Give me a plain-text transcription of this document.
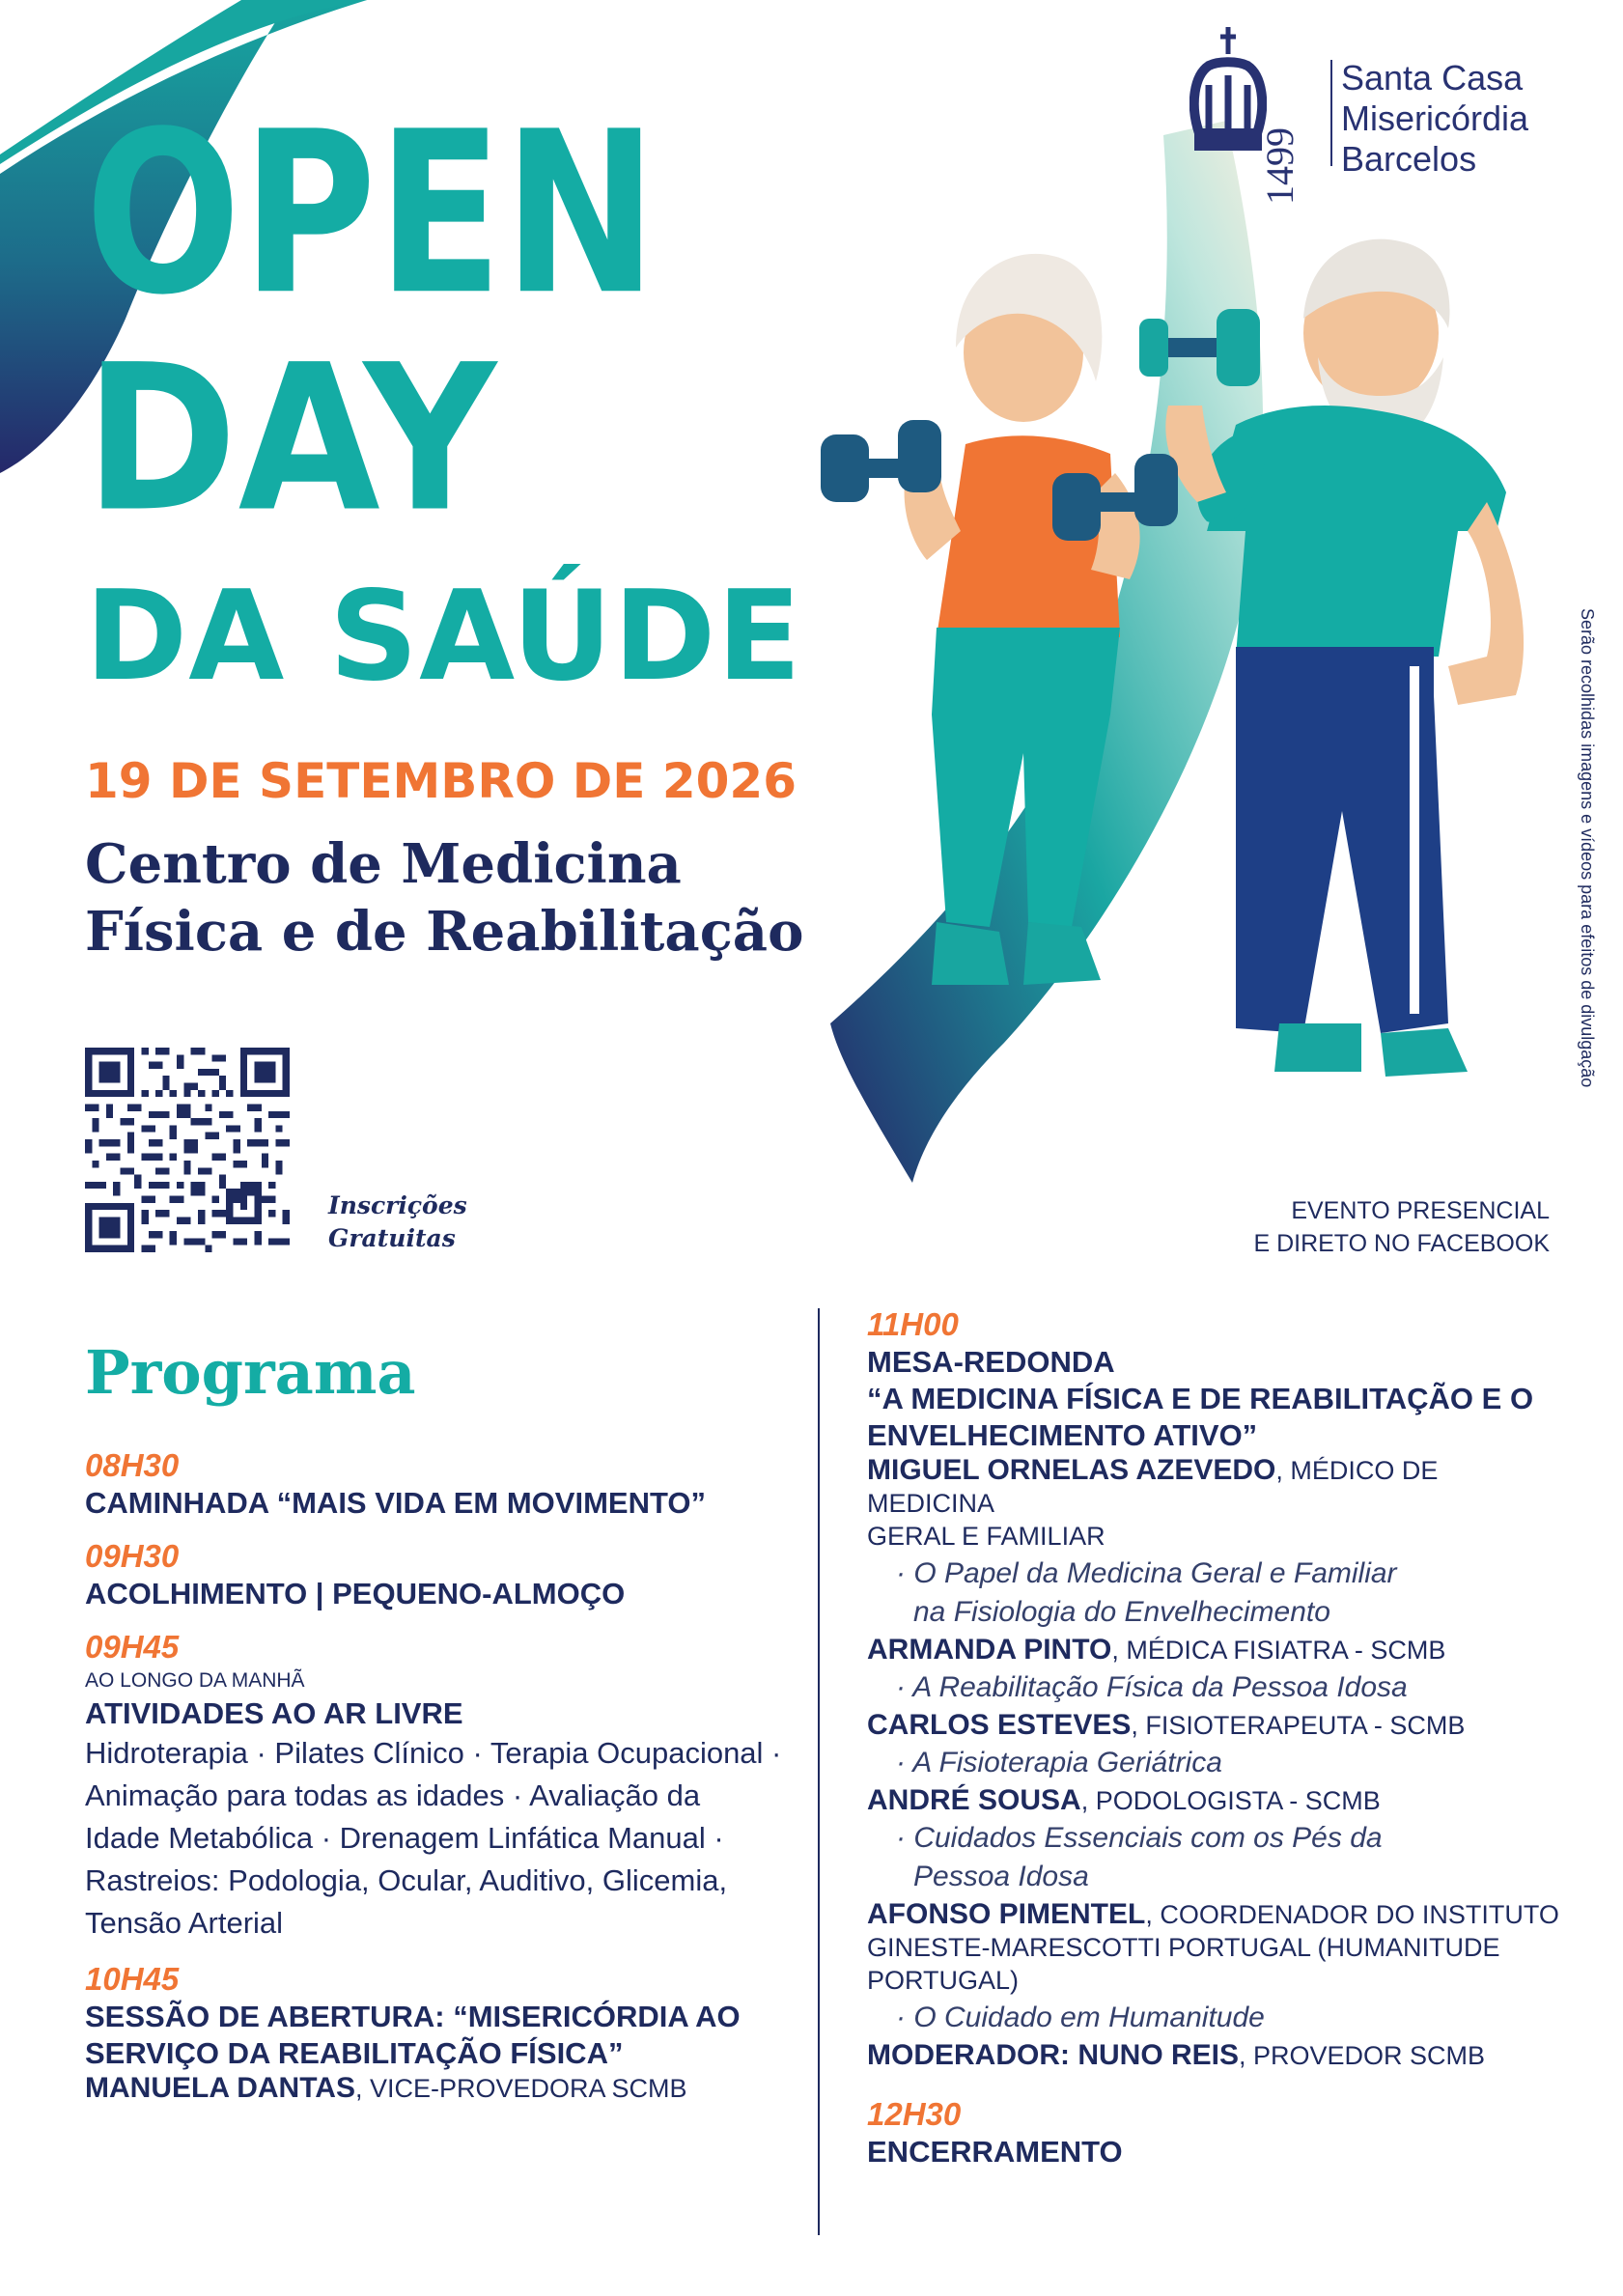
1499
Santa Casa
Misericórdia
Barcelos
OPEN
DAY
DA SAÚDE
19 DE SETEMBRO DE 2026
Centro de Medicina
Física e de Reabilitação
Inscrições
Gratuitas
EVENTO PRESENCIAL
E DIRETO NO FACEBOOK
Serão recolhidas imagens e vídeos para efeitos de divulgação
Programa
08H30
CAMINHADA “MAIS VIDA EM MOVIMENTO”
09H30
ACOLHIMENTO | PEQUENO-ALMOÇO
09H45
AO LONGO DA MANHÃ
ATIVIDADES AO AR LIVRE
Hidroterapia · Pilates Clínico · Terapia Ocupacional ·
Animação para todas as idades · Avaliação da
Idade Metabólica · Drenagem Linfática Manual ·
Rastreios: Podologia, Ocular, Auditivo, Glicemia,
Tensão Arterial
10H45
SESSÃO DE ABERTURA: “MISERICÓRDIA AO
SERVIÇO DA REABILITAÇÃO FÍSICA”
MANUELA DANTAS, VICE-PROVEDORA SCMB
11H00
MESA-REDONDA
“A MEDICINA FÍSICA E DE REABILITAÇÃO E O
ENVELHECIMENTO ATIVO”
MIGUEL ORNELAS AZEVEDO, MÉDICO DE MEDICINA
GERAL E FAMILIAR
· O Papel da Medicina Geral e Familiar
na Fisiologia do Envelhecimento
ARMANDA PINTO, MÉDICA FISIATRA - SCMB
· A Reabilitação Física da Pessoa Idosa
CARLOS ESTEVES, FISIOTERAPEUTA - SCMB
· A Fisioterapia Geriátrica
ANDRÉ SOUSA, PODOLOGISTA - SCMB
· Cuidados Essenciais com os Pés da
Pessoa Idosa
AFONSO PIMENTEL, COORDENADOR DO INSTITUTO
GINESTE-MARESCOTTI PORTUGAL (HUMANITUDE
PORTUGAL)
· O Cuidado em Humanitude
MODERADOR: NUNO REIS, PROVEDOR SCMB
12H30
ENCERRAMENTO
